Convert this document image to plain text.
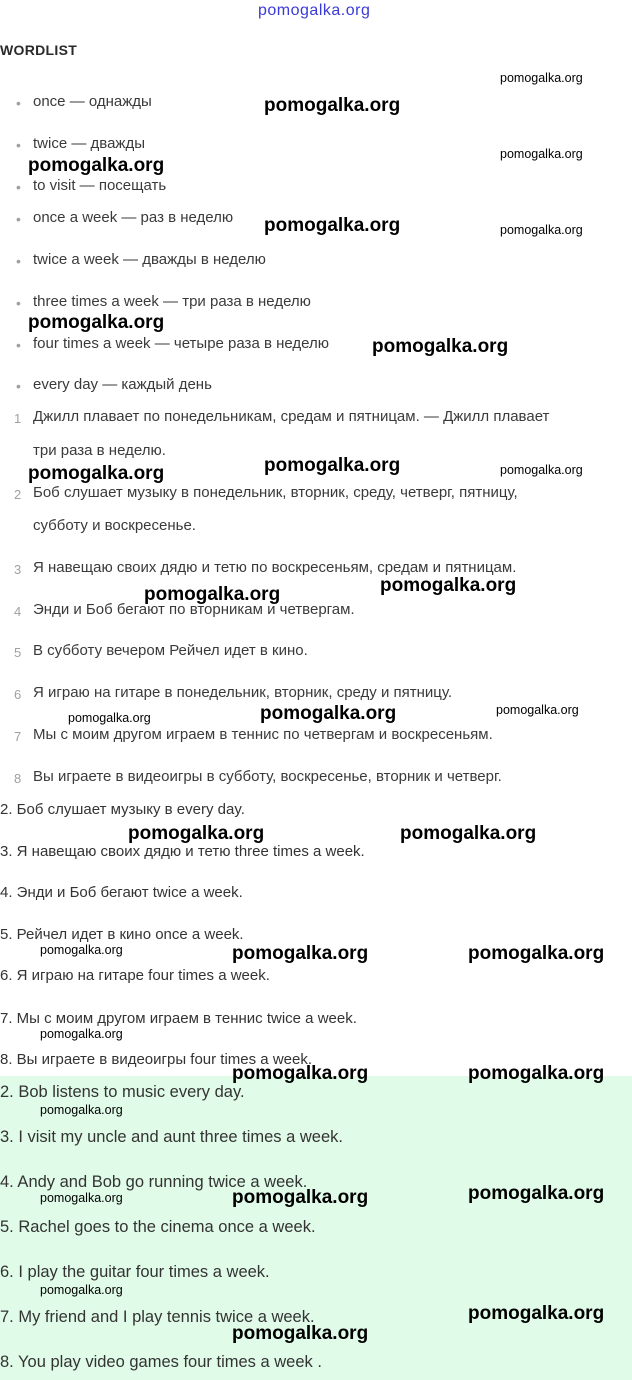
pomogalka.org
WORDLIST
• once — однажды
• twice — дважды
• to visit — посещать
• once a week — раз в неделю
• twice a week — дважды в неделю
• three times a week — три раза в неделю
• four times a week — четыре раза в неделю
• every day — каждый день
1 Джилл плавает по понедельникам, средам и пятницам. — Джилл плавает
три раза в неделю.
2 Боб слушает музыку в понедельник, вторник, среду, четверг, пятницу,
субботу и воскресенье.
3 Я навещаю своих дядю и тетю по воскресеньям, средам и пятницам.
4 Энди и Боб бегают по вторникам и четвергам.
5 В субботу вечером Рейчел идет в кино.
6 Я играю на гитаре в понедельник, вторник, среду и пятницу.
7 Мы с моим другом играем в теннис по четвергам и воскресеньям.
8 Вы играете в видеоигры в субботу, воскресенье, вторник и четверг.
2. Боб слушает музыку в every day.
3. Я навещаю своих дядю и тетю three times a week.
4. Энди и Боб бегают twice a week.
5. Рейчел идет в кино once a week.
6. Я играю на гитаре four times a week.
7. Мы с моим другом играем в теннис twice a week.
8. Вы играете в видеоигры four times a week.
2. Bob listens to music every day.
3. I visit my uncle and aunt three times a week.
4. Andy and Bob go running twice a week.
5. Rachel goes to the cinema once a week.
6. I play the guitar four times a week.
7. My friend and I play tennis twice a week.
8. You play video games four times a week .
pomogalka.org
pomogalka.org
pomogalka.org
pomogalka.org
pomogalka.org	pomogalka.org
pomogalka.org
pomogalka.org
pomogalka.org	pomogalka.org
pomogalka.org
pomogalka.org
pomogalka.org
pomogalka.org
pomogalka.org
pomogalka.org
pomogalka.org	pomogalka.org
pomogalka.org	pomogalka.org	pomogalka.org
pomogalka.org
pomogalka.org	pomogalka.org
pomogalka.org
pomogalka.org	pomogalka.org	pomogalka.org
pomogalka.org
pomogalka.org
pomogalka.org
